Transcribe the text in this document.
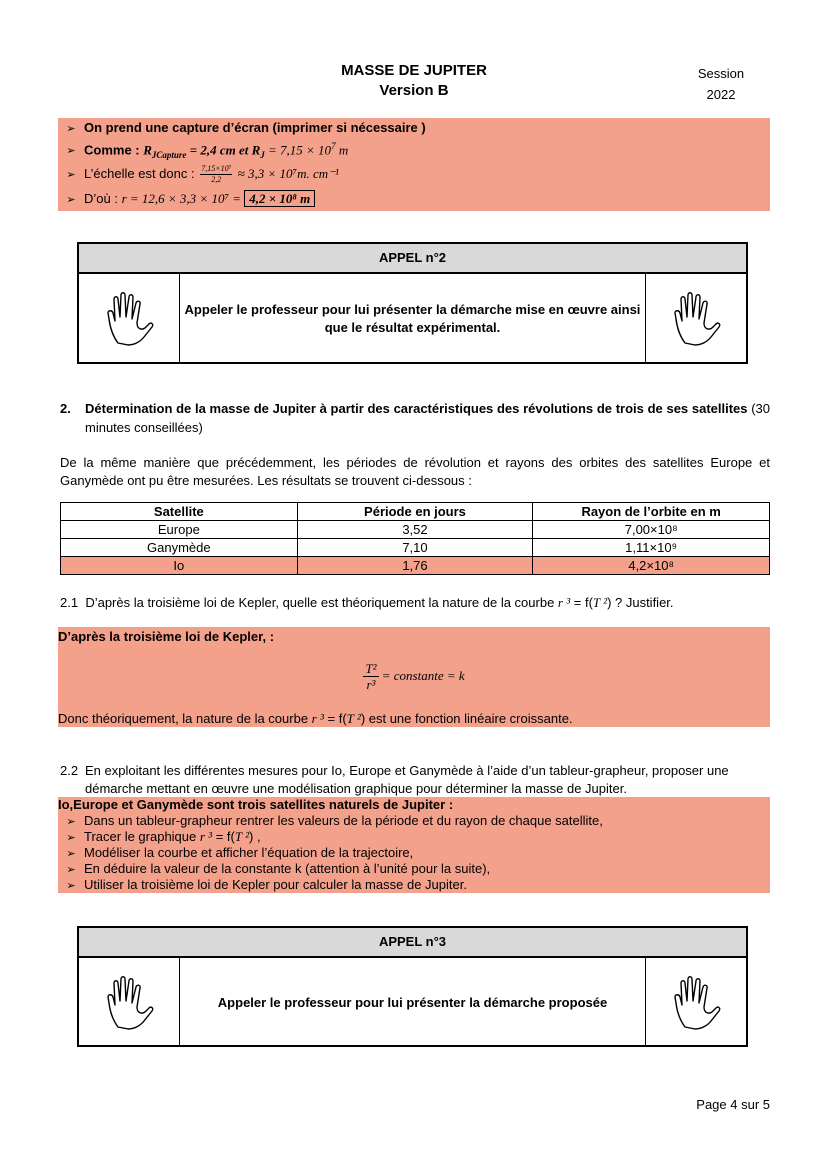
MASSE DE JUPITER
Version B
Session
2022
➢ On prend une capture d’écran (imprimer si nécessaire )
➢ Comme : $R_{JCapture} = 2,4$ cm et $R_J = 7,15 \times 10^7$ m
➢ L’échelle est donc : $\frac{\text{7,15×10⁷}}{2,2} \approx 3,3 \times 10^7m$. cm⁻¹
➢ D’où : r = 12,6 × 3,3 × 10⁷ = 4,2 × 10⁸ m
APPEL n°2
Appeler le professeur pour lui présenter la démarche mise en œuvre ainsi que le résultat expérimental.
2. Détermination de la masse de Jupiter à partir des caractéristiques des révolutions de trois de ses satellites (30 minutes conseillées)
De la même manière que précédemment, les périodes de révolution et rayons des orbites des satellites Europe et Ganymède ont pu être mesurées. Les résultats se trouvent ci-dessous :
Satellite	Période en jours	Rayon de l’orbite en m
Europe	3,52	7,00×10⁸
Ganymède	7,10	1,11×10⁹
Io	1,76	4,2×10⁸
2.1 D’après la troisième loi de Kepler, quelle est théoriquement la nature de la courbe r ³ = f(T ²) ? Justifier.
D’après la troisième loi de Kepler, :
$\frac{\text{T²}}{\text{r³}}$ = constante = k
Donc théoriquement, la nature de la courbe r ³ = f(T ²) est une fonction linéaire croissante.
2.2 En exploitant les différentes mesures pour Io, Europe et Ganymède à l’aide d’un tableur-grapheur, proposer une démarche mettant en œuvre une modélisation graphique pour déterminer la masse de Jupiter.
Io,Europe et Ganymède sont trois satellites naturels de Jupiter :
➢ Dans un tableur-grapheur rentrer les valeurs de la période et du rayon de chaque satellite,
➢ Tracer le graphique r ³ = f(T ²) ,
➢ Modéliser la courbe et afficher l’équation de la trajectoire,
➢ En déduire la valeur de la constante k (attention à l’unité pour la suite),
➢ Utiliser la troisième loi de Kepler pour calculer la masse de Jupiter.
APPEL n°3
Appeler le professeur pour lui présenter la démarche proposée
Page 4 sur 5
